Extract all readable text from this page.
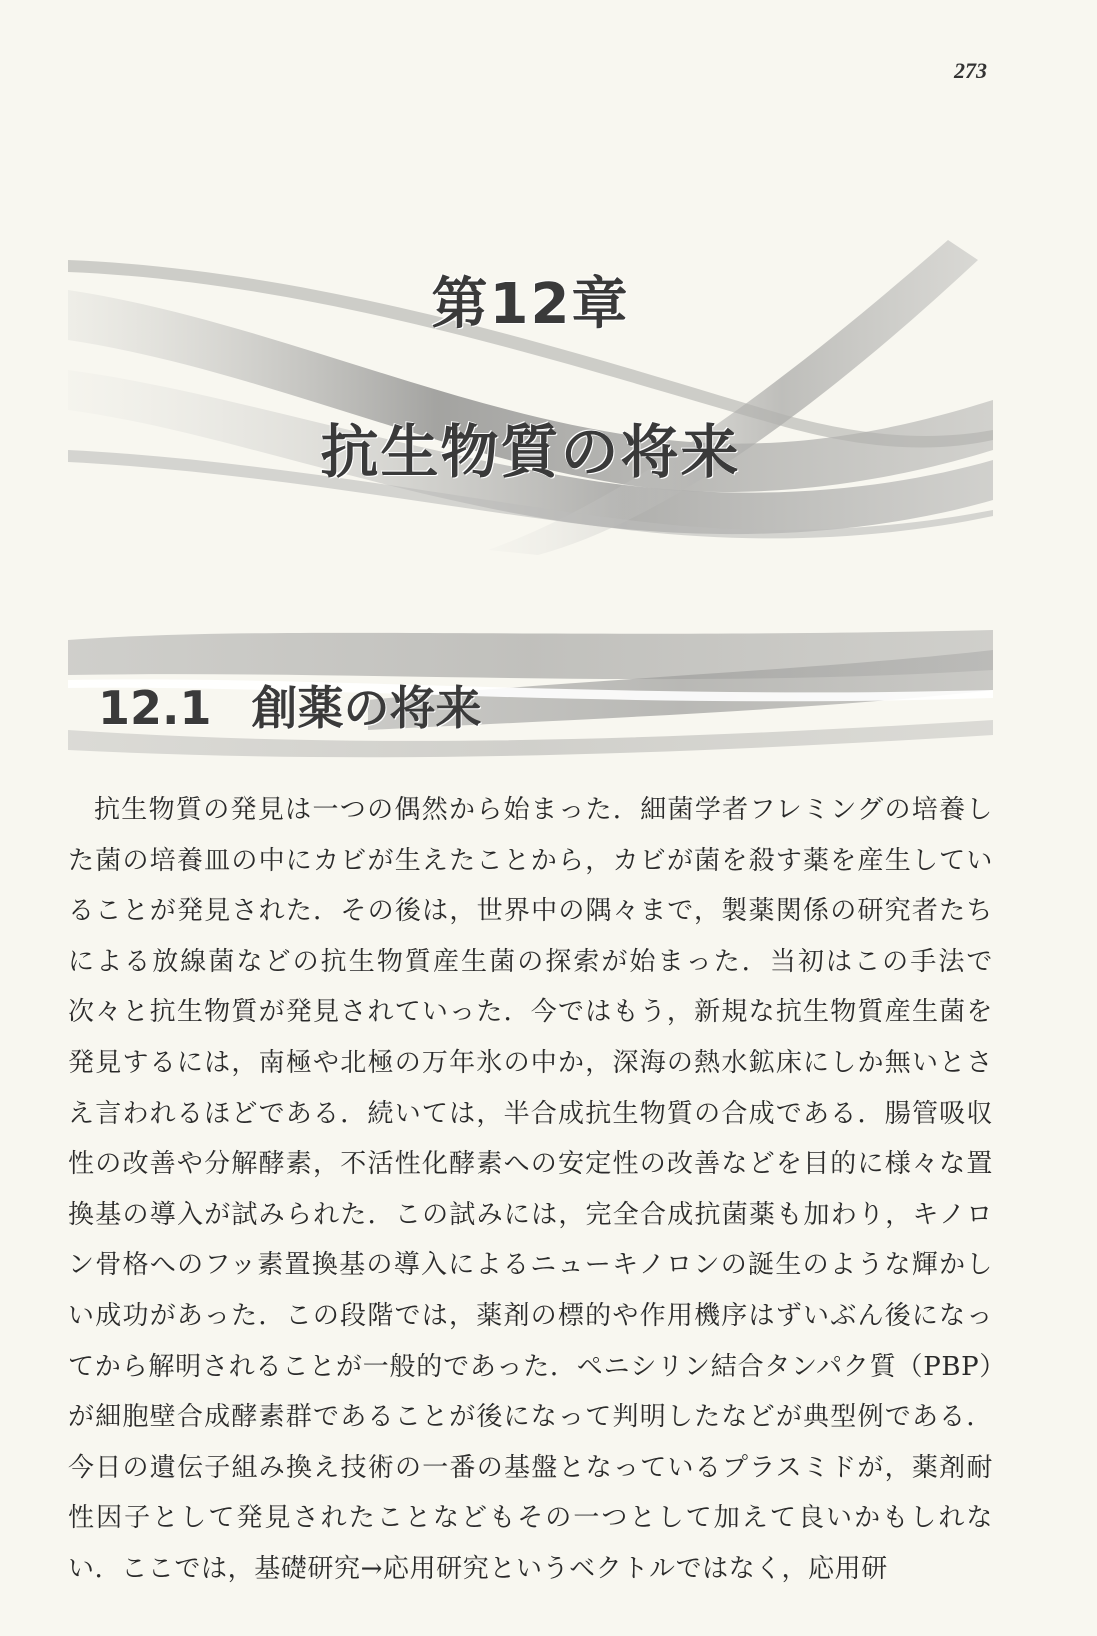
273
第12章
抗生物質の将来
12.1 創薬の将来

抗生物質の発見は一つの偶然から始まった．細菌学者フレミングの培養した菌の培養皿の中にカビが生えたことから，カビが菌を殺す薬を産生していることが発見された．その後は，世界中の隅々まで，製薬関係の研究者たちによる放線菌などの抗生物質産生菌の探索が始まった．当初はこの手法で次々と抗生物質が発見されていった．今ではもう，新規な抗生物質産生菌を発見するには，南極や北極の万年氷の中か，深海の熱水鉱床にしか無いとさえ言われるほどである．続いては，半合成抗生物質の合成である．腸管吸収性の改善や分解酵素，不活性化酵素への安定性の改善などを目的に様々な置換基の導入が試みられた．この試みには，完全合成抗菌薬も加わり，キノロン骨格へのフッ素置換基の導入によるニューキノロンの誕生のような輝かしい成功があった．この段階では，薬剤の標的や作用機序はずいぶん後になってから解明されることが一般的であった．ペニシリン結合タンパク質（PBP）が細胞壁合成酵素群であることが後になって判明したなどが典型例である．今日の遺伝子組み換え技術の一番の基盤となっているプラスミドが，薬剤耐性因子として発見されたことなどもその一つとして加えて良いかもしれない．ここでは，基礎研究→応用研究というベクトルではなく，応用研
